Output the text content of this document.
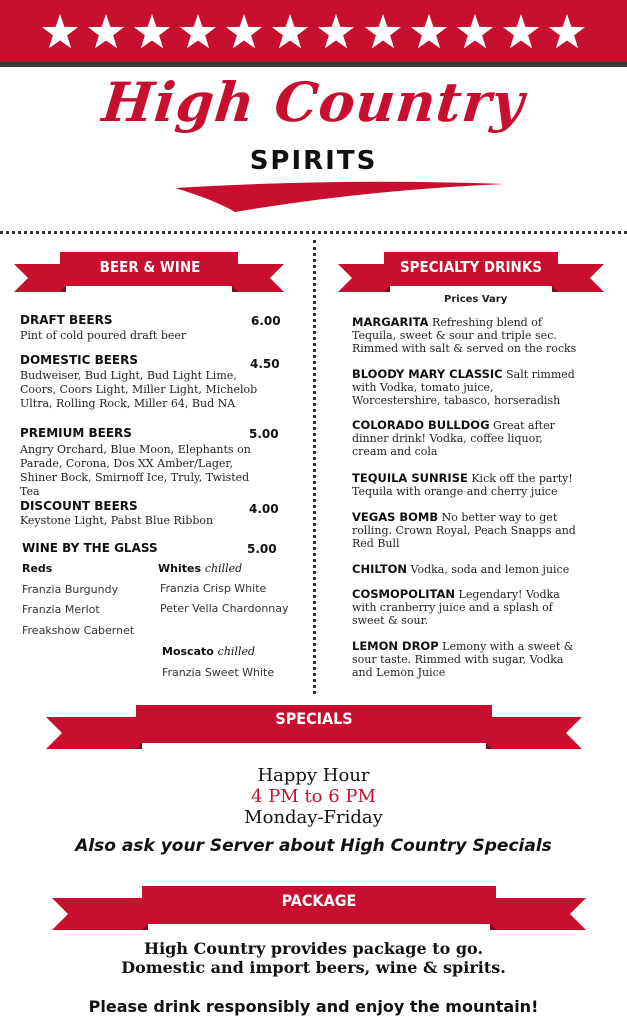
High Country
SPIRITS
BEER & WINE	SPECIALTY DRINKS
DRAFT BEERS	6.00
Pint of cold poured draft beer
DOMESTIC BEERS	4.50
Budweiser, Bud Light, Bud Light Lime, Coors, Coors Light, Miller Light, Michelob Ultra, Rolling Rock, Miller 64, Bud NA
PREMIUM BEERS	5.00
Angry Orchard, Blue Moon, Elephants on Parade, Corona, Dos XX Amber/Lager, Shiner Bock, Smirnoff Ice, Truly, Twisted Tea
DISCOUNT BEERS	4.00
Keystone Light, Pabst Blue Ribbon
WINE BY THE GLASS	5.00
Reds
Franzia Burgundy
Franzia Merlot
Freakshow Cabernet
Whites chilled
Franzia Crisp White
Peter Vella Chardonnay
Moscato chilled
Franzia Sweet White
Prices Vary
MARGARITA Refreshing blend of Tequila, sweet & sour and triple sec. Rimmed with salt & served on the rocks
BLOODY MARY CLASSIC Salt rimmed with Vodka, tomato juice, Worcestershire, tabasco, horseradish
COLORADO BULLDOG Great after dinner drink! Vodka, coffee liquor, cream and cola
TEQUILA SUNRISE Kick off the party! Tequila with orange and cherry juice
VEGAS BOMB No better way to get rolling. Crown Royal, Peach Snapps and Red Bull
CHILTON Vodka, soda and lemon juice
COSMOPOLITAN Legendary! Vodka with cranberry juice and a splash of sweet & sour.
LEMON DROP Lemony with a sweet & sour taste. Rimmed with sugar, Vodka and Lemon Juice
SPECIALS
Happy Hour
4 PM to 6 PM
Monday-Friday
Also ask your Server about High Country Specials
PACKAGE
High Country provides package to go.
Domestic and import beers, wine & spirits.
Please drink responsibly and enjoy the mountain!
